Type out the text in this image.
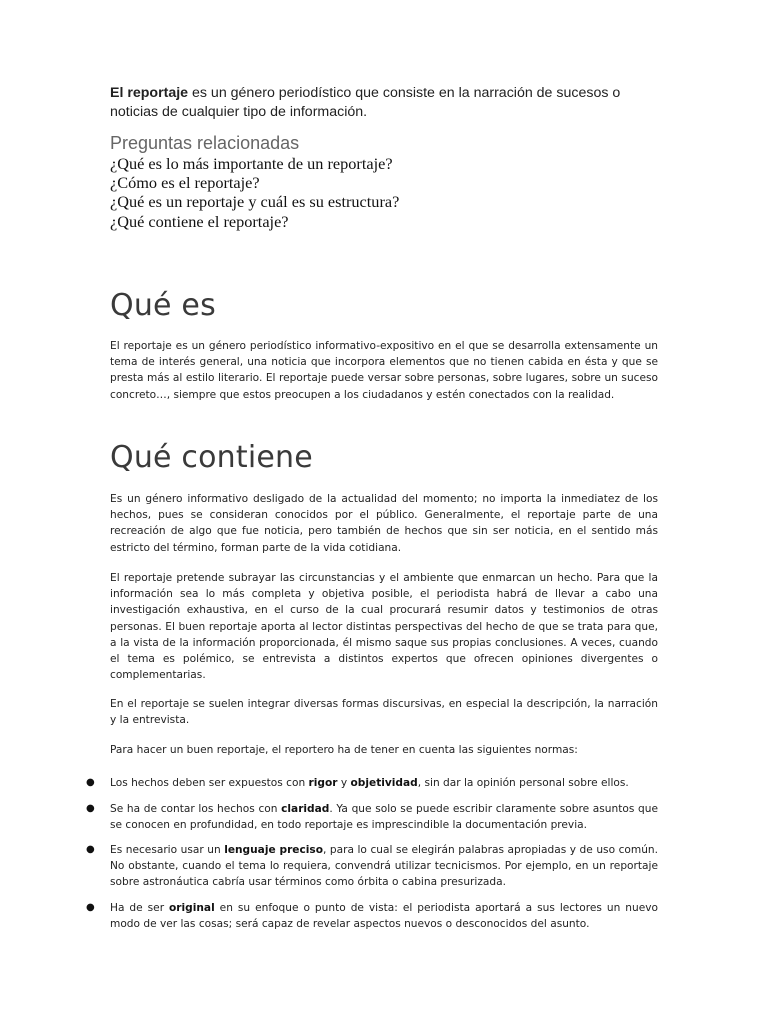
El reportaje es un género periodístico que consiste en la narración de sucesos o noticias de cualquier tipo de información.

Preguntas relacionadas
¿Qué es lo más importante de un reportaje?
¿Cómo es el reportaje?
¿Qué es un reportaje y cuál es su estructura?
¿Qué contiene el reportaje?
Qué es

El reportaje es un género periodístico informativo-expositivo en el que se desarrolla extensamente un tema de interés general, una noticia que incorpora elementos que no tienen cabida en ésta y que se presta más al estilo literario. El reportaje puede versar sobre personas, sobre lugares, sobre un suceso concreto…, siempre que estos preocupen a los ciudadanos y estén conectados con la realidad.

Qué contiene

Es un género informativo desligado de la actualidad del momento; no importa la inmediatez de los hechos, pues se consideran conocidos por el público. Generalmente, el reportaje parte de una recreación de algo que fue noticia, pero también de hechos que sin ser noticia, en el sentido más estricto del término, forman parte de la vida cotidiana.

El reportaje pretende subrayar las circunstancias y el ambiente que enmarcan un hecho. Para que la información sea lo más completa y objetiva posible, el periodista habrá de llevar a cabo una investigación exhaustiva, en el curso de la cual procurará resumir datos y testimonios de otras personas. El buen reportaje aporta al lector distintas perspectivas del hecho de que se trata para que, a la vista de la información proporcionada, él mismo saque sus propias conclusiones. A veces, cuando el tema es polémico, se entrevista a distintos expertos que ofrecen opiniones divergentes o complementarias.

En el reportaje se suelen integrar diversas formas discursivas, en especial la descripción, la narración y la entrevista.

Para hacer un buen reportaje, el reportero ha de tener en cuenta las siguientes normas:

● Los hechos deben ser expuestos con rigor y objetividad, sin dar la opinión personal sobre ellos.
● Se ha de contar los hechos con claridad. Ya que solo se puede escribir claramente sobre asuntos que se conocen en profundidad, en todo reportaje es imprescindible la documentación previa.
● Es necesario usar un lenguaje preciso, para lo cual se elegirán palabras apropiadas y de uso común. No obstante, cuando el tema lo requiera, convendrá utilizar tecnicismos. Por ejemplo, en un reportaje sobre astronáutica cabría usar términos como órbita o cabina presurizada.
● Ha de ser original en su enfoque o punto de vista: el periodista aportará a sus lectores un nuevo modo de ver las cosas; será capaz de revelar aspectos nuevos o desconocidos del asunto.
